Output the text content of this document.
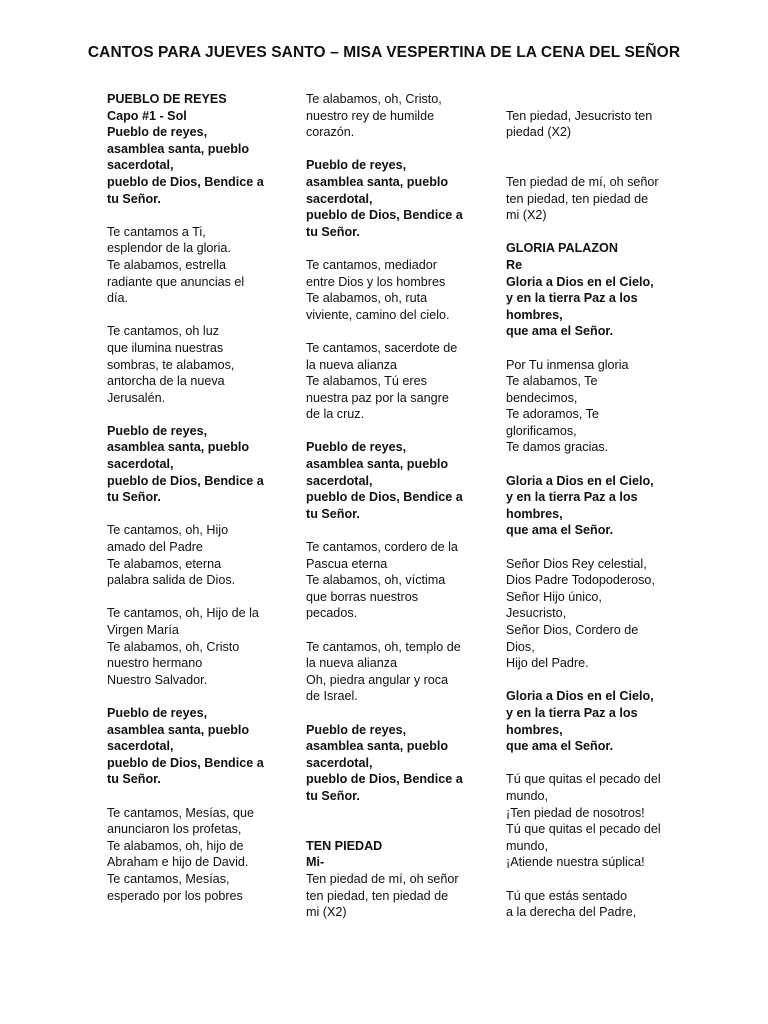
CANTOS PARA JUEVES SANTO – MISA VESPERTINA DE LA CENA DEL SEÑOR

PUEBLO DE REYES
Capo #1 - Sol
Pueblo de reyes,
asamblea santa, pueblo
sacerdotal,
pueblo de Dios, Bendice a
tu Señor.

Te cantamos a Ti,
esplendor de la gloria.
Te alabamos, estrella
radiante que anuncias el
día.

Te cantamos, oh luz
que ilumina nuestras
sombras, te alabamos,
antorcha de la nueva
Jerusalén.

Pueblo de reyes,
asamblea santa, pueblo
sacerdotal,
pueblo de Dios, Bendice a
tu Señor.

Te cantamos, oh, Hijo
amado del Padre
Te alabamos, eterna
palabra salida de Dios.

Te cantamos, oh, Hijo de la
Virgen María
Te alabamos, oh, Cristo
nuestro hermano
Nuestro Salvador.

Pueblo de reyes,
asamblea santa, pueblo
sacerdotal,
pueblo de Dios, Bendice a
tu Señor.

Te cantamos, Mesías, que
anunciaron los profetas,
Te alabamos, oh, hijo de
Abraham e hijo de David.
Te cantamos, Mesías,
esperado por los pobres

Te alabamos, oh, Cristo,
nuestro rey de humilde
corazón.

Pueblo de reyes,
asamblea santa, pueblo
sacerdotal,
pueblo de Dios, Bendice a
tu Señor.

Te cantamos, mediador
entre Dios y los hombres
Te alabamos, oh, ruta
viviente, camino del cielo.

Te cantamos, sacerdote de
la nueva alianza
Te alabamos, Tú eres
nuestra paz por la sangre
de la cruz.

Pueblo de reyes,
asamblea santa, pueblo
sacerdotal,
pueblo de Dios, Bendice a
tu Señor.

Te cantamos, cordero de la
Pascua eterna
Te alabamos, oh, víctima
que borras nuestros
pecados.

Te cantamos, oh, templo de
la nueva alianza
Oh, piedra angular y roca
de Israel.

Pueblo de reyes,
asamblea santa, pueblo
sacerdotal,
pueblo de Dios, Bendice a
tu Señor.

TEN PIEDAD
Mi-

Ten piedad de mí, oh señor
ten piedad, ten piedad de
mi (X2)

Ten piedad, Jesucristo ten
piedad (X2)

Ten piedad de mí, oh señor
ten piedad, ten piedad de
mi (X2)

GLORIA PALAZON
Re
Gloria a Dios en el Cielo,
y en la tierra Paz a los
hombres,
que ama el Señor.

Por Tu inmensa gloria
Te alabamos, Te
bendecimos,
Te adoramos, Te
glorificamos,
Te damos gracias.

Gloria a Dios en el Cielo,
y en la tierra Paz a los
hombres,
que ama el Señor.

Señor Dios Rey celestial,
Dios Padre Todopoderoso,
Señor Hijo único,
Jesucristo,
Señor Dios, Cordero de
Dios,
Hijo del Padre.

Gloria a Dios en el Cielo,
y en la tierra Paz a los
hombres,
que ama el Señor.

Tú que quitas el pecado del
mundo,
¡Ten piedad de nosotros!
Tú que quitas el pecado del
mundo,
¡Atiende nuestra súplica!

Tú que estás sentado
a la derecha del Padre,
